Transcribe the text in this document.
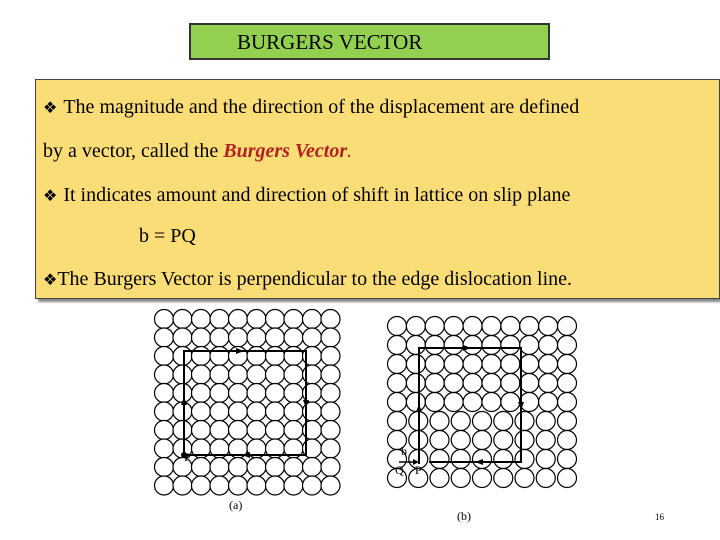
BURGERS VECTOR
❖ The magnitude and the direction of the displacement are defined
by a vector, called the Burgers Vector.
❖ It indicates amount and direction of shift in lattice on slip plane
b = PQ
❖The Burgers Vector is perpendicular to the edge dislocation line.
P
(a)
b
Q P
(b)	16
